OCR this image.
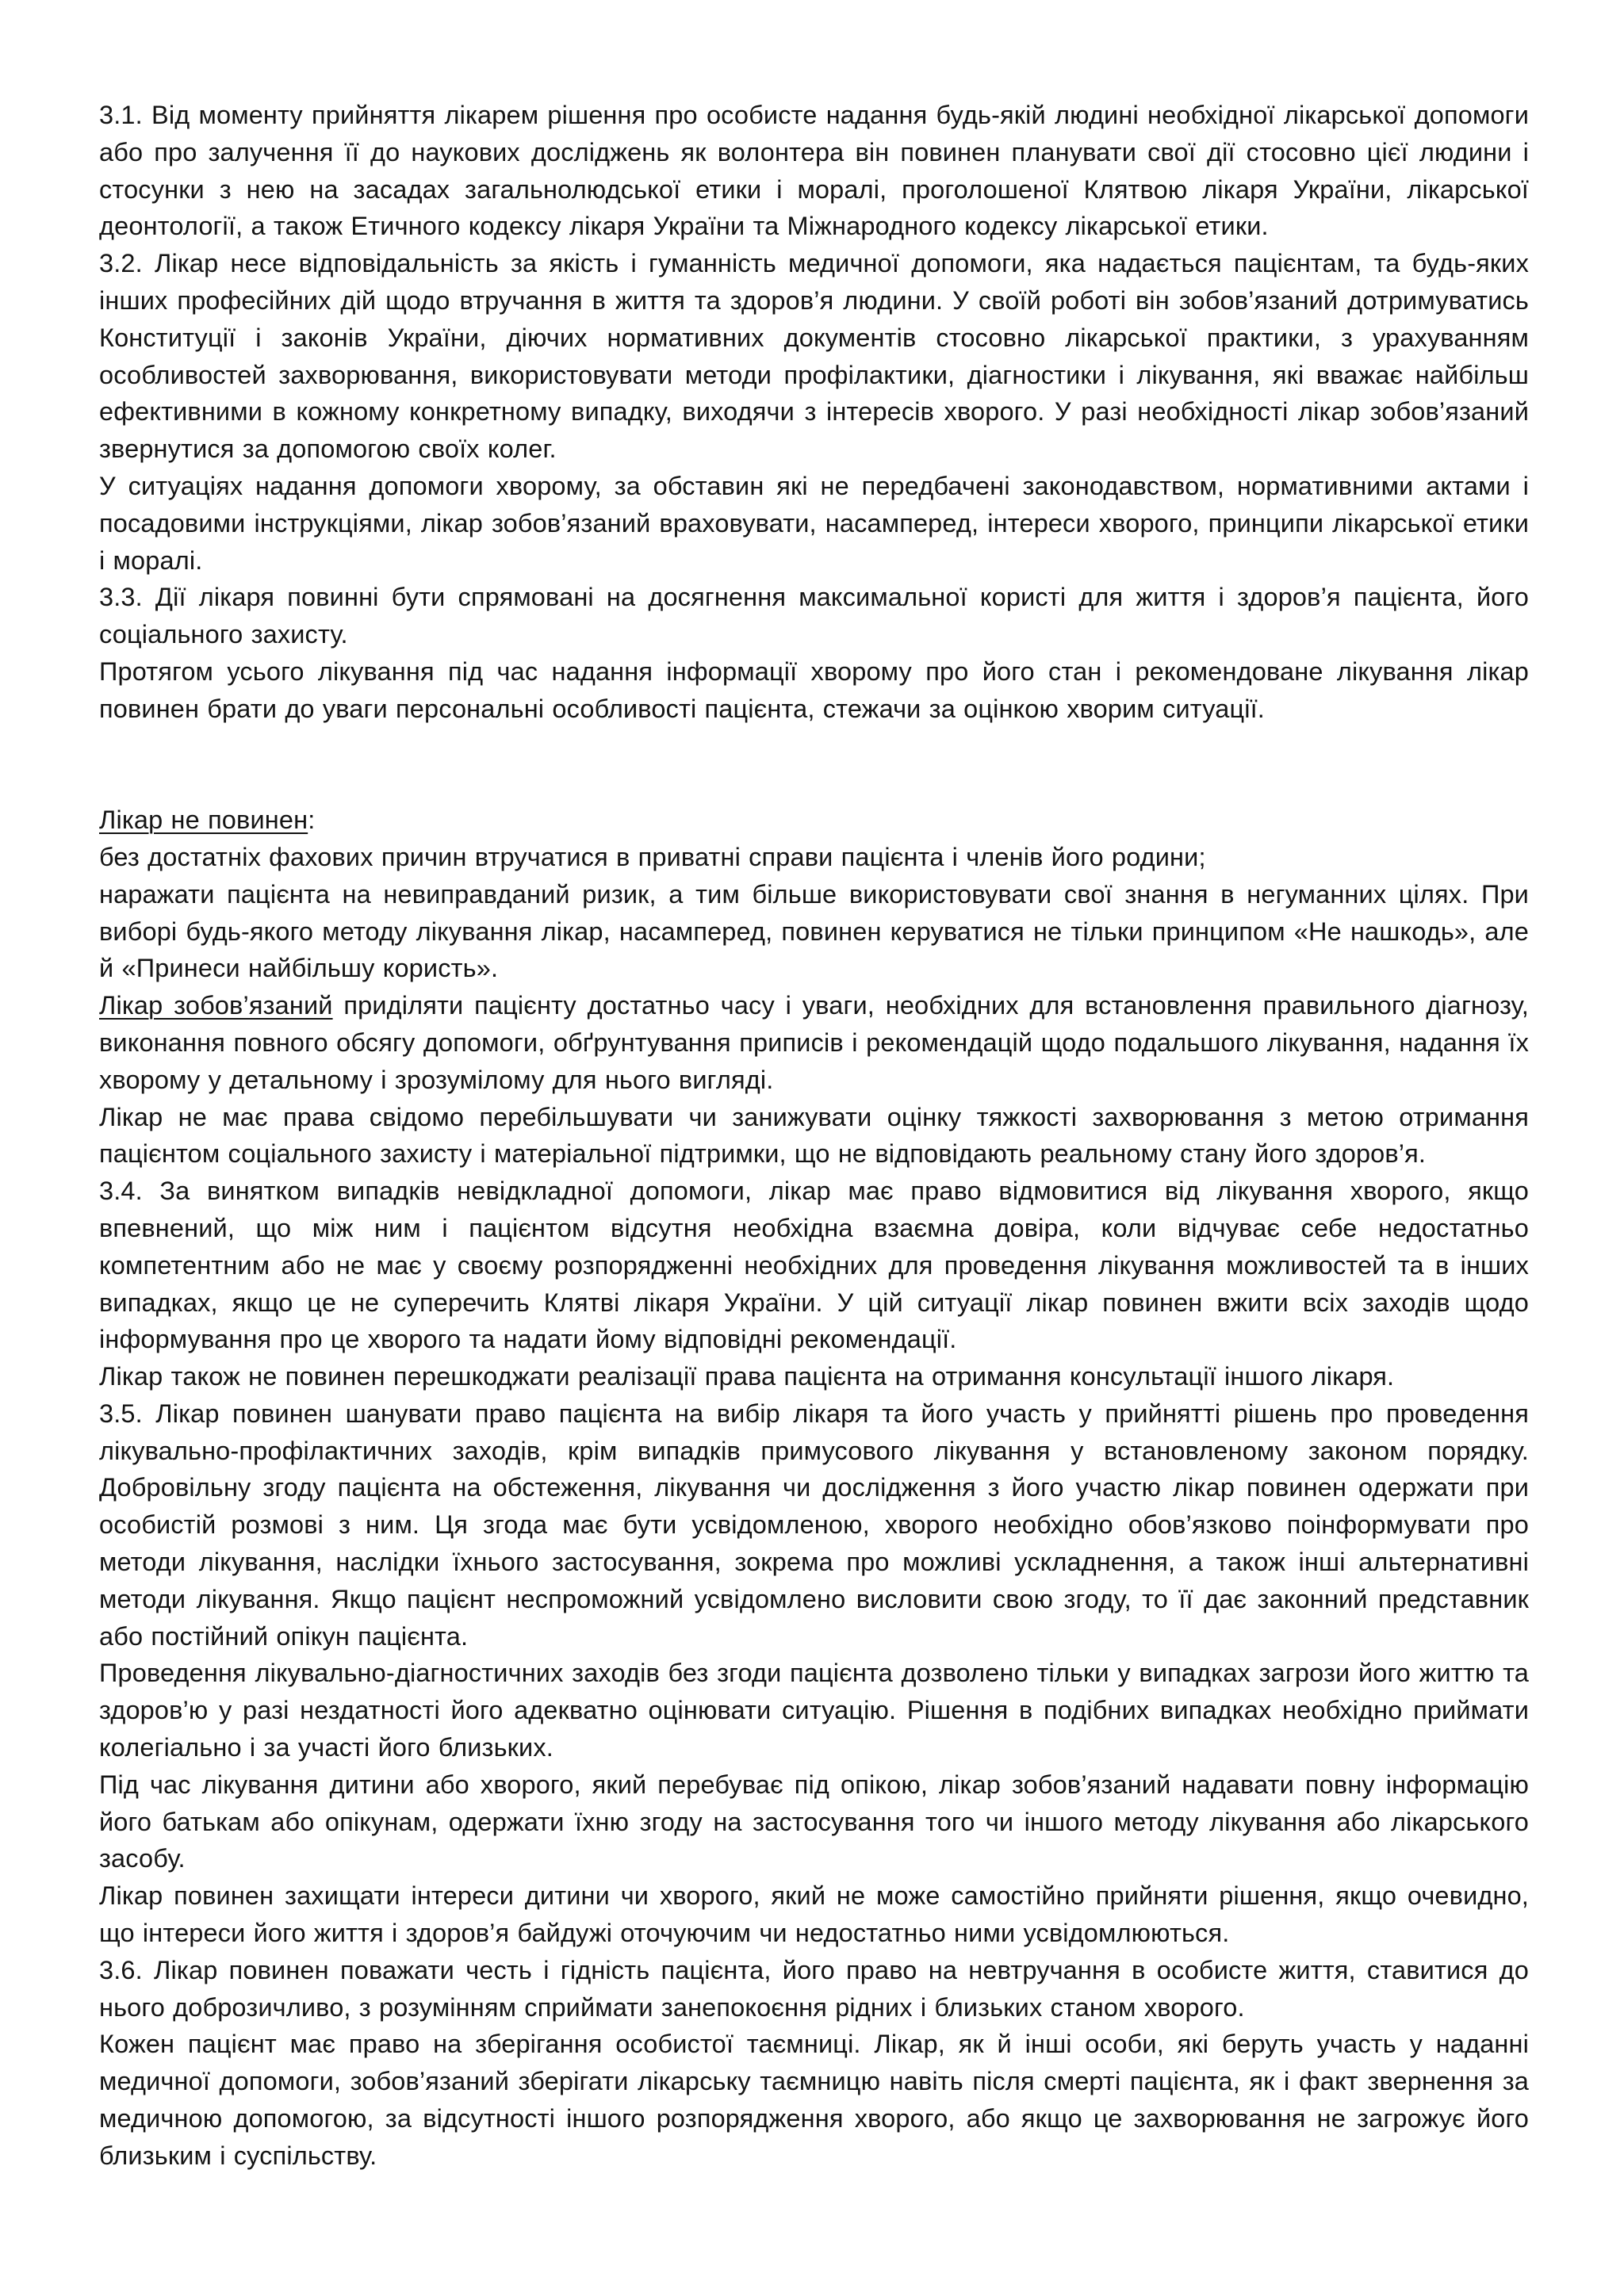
3.1. Від моменту прийняття лікарем рішення про особисте надання будь-якій людині необхідної лікарської допомоги або про залучення її до наукових досліджень як волонтера він повинен планувати свої дії стосовно цієї людини і стосунки з нею на засадах загальнолюдської етики і моралі, проголошеної Клятвою лікаря України, лікарської деонтології, а також Етичного кодексу лікаря України та Міжнародного кодексу лікарської етики.

3.2. Лікар несе відповідальність за якість і гуманність медичної допомоги, яка надається пацієнтам, та будь-яких інших професійних дій щодо втручання в життя та здоров’я людини. У своїй роботі він зобов’язаний дотримуватись Конституції і законів України, діючих нормативних документів стосовно лікарської практики, з урахуванням особливостей захворювання, використовувати методи профілактики, діагностики і лікування, які вважає найбільш ефективними в кожному конкретному випадку, виходячи з інтересів хворого. У разі необхідності лікар зобов’язаний звернутися за допомогою своїх колег.

У ситуаціях надання допомоги хворому, за обставин які не передбачені законодавством, нормативними актами і посадовими інструкціями, лікар зобов’язаний враховувати, насамперед, інтереси хворого, принципи лікарської етики і моралі.

3.3. Дії лікаря повинні бути спрямовані на досягнення максимальної користі для життя і здоров’я пацієнта, його соціального захисту.

Протягом усього лікування під час надання інформації хворому про його стан і рекомендоване лікування лікар повинен брати до уваги персональні особливості пацієнта, стежачи за оцінкою хворим ситуації.

Лікар не повинен:

без достатніх фахових причин втручатися в приватні справи пацієнта і членів його родини;

наражати пацієнта на невиправданий ризик, а тим більше використовувати свої знання в негуманних цілях. При виборі будь-якого методу лікування лікар, насамперед, повинен керуватися не тільки принципом «Не нашкодь», але й «Принеси найбільшу користь».

Лікар зобов’язаний приділяти пацієнту достатньо часу і уваги, необхідних для встановлення правильного діагнозу, виконання повного обсягу допомоги, обґрунтування приписів і рекомендацій щодо подальшого лікування, надання їх хворому у детальному і зрозумілому для нього вигляді.

Лікар не має права свідомо перебільшувати чи занижувати оцінку тяжкості захворювання з метою отримання пацієнтом соціального захисту і матеріальної підтримки, що не відповідають реальному стану його здоров’я.

3.4. За винятком випадків невідкладної допомоги, лікар має право відмовитися від лікування хворого, якщо впевнений, що між ним і пацієнтом відсутня необхідна взаємна довіра, коли відчуває себе недостатньо компетентним або не має у своєму розпорядженні необхідних для проведення лікування можливостей та в інших випадках, якщо це не суперечить Клятві лікаря України. У цій ситуації лікар повинен вжити всіх заходів щодо інформування про це хворого та надати йому відповідні рекомендації.

Лікар також не повинен перешкоджати реалізації права пацієнта на отримання консультації іншого лікаря.

3.5. Лікар повинен шанувати право пацієнта на вибір лікаря та його участь у прийнятті рішень про проведення лікувально-профілактичних заходів, крім випадків примусового лікування у встановленому законом порядку. Добровільну згоду пацієнта на обстеження, лікування чи дослідження з його участю лікар повинен одержати при особистій розмові з ним. Ця згода має бути усвідомленою, хворого необхідно обов’язково поінформувати про методи лікування, наслідки їхнього застосування, зокрема про можливі ускладнення, а також інші альтернативні методи лікування. Якщо пацієнт неспроможний усвідомлено висловити свою згоду, то її дає законний представник або постійний опікун пацієнта.

Проведення лікувально-діагностичних заходів без згоди пацієнта дозволено тільки у випадках загрози його життю та здоров’ю у разі нездатності його адекватно оцінювати ситуацію. Рішення в подібних випадках необхідно приймати колегіально і за участі його близьких.

Під час лікування дитини або хворого, який перебуває під опікою, лікар зобов’язаний надавати повну інформацію його батькам або опікунам, одержати їхню згоду на застосування того чи іншого методу лікування або лікарського засобу.

Лікар повинен захищати інтереси дитини чи хворого, який не може самостійно прийняти рішення, якщо очевидно, що інтереси його життя і здоров’я байдужі оточуючим чи недостатньо ними усвідомлюються.

3.6. Лікар повинен поважати честь і гідність пацієнта, його право на невтручання в особисте життя, ставитися до нього доброзичливо, з розумінням сприймати занепокоєння рідних і близьких станом хворого.

Кожен пацієнт має право на зберігання особистої таємниці. Лікар, як й інші особи, які беруть участь у наданні медичної допомоги, зобов’язаний зберігати лікарську таємницю навіть після смерті пацієнта, як і факт звернення за медичною допомогою, за відсутності іншого розпорядження хворого, або якщо це захворювання не загрожує його близьким і суспільству.
